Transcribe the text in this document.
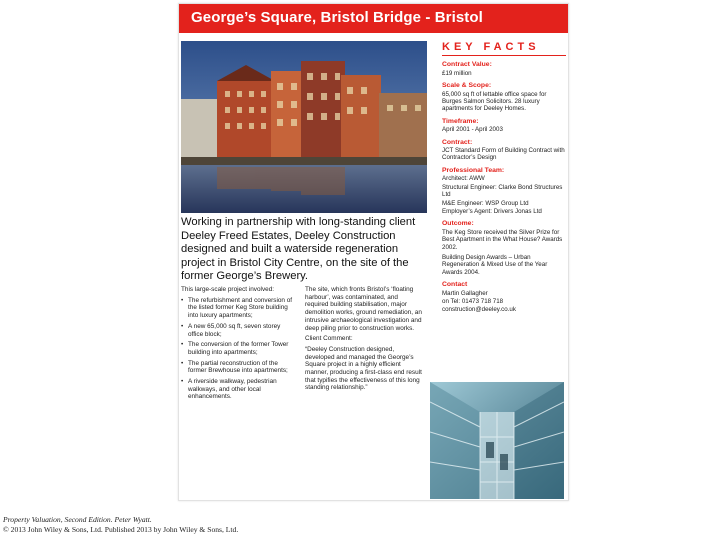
George’s Square, Bristol Bridge - Bristol
Working in partnership with long-standing client Deeley Freed Estates, Deeley Construction designed and built a waterside regeneration project in Bristol City Centre, on the site of the former George’s Brewery.

This large-scale project involved:

• The refurbishment and conversion of the listed former Keg Store building into luxury apartments;
• A new 65,000 sq ft, seven storey office block;
• The conversion of the former Tower building into apartments;
• The partial reconstruction of the former Brewhouse into apartments;
• A riverside walkway, pedestrian walkways, and other local enhancements.

The site, which fronts Bristol’s ‘floating harbour’, was contaminated, and required building stabilisation, major demolition works, ground remediation, an intrusive archaeological investigation and deep piling prior to construction works.

Client Comment:

“Deeley Construction designed, developed and managed the George’s Square project in a highly efficient manner, producing a first-class end result that typifies the effectiveness of this long standing relationship.”

KEY FACTS
Contract Value:
£19 million
Scale & Scope:
65,000 sq ft of lettable office space for Burges Salmon Solicitors. 28 luxury apartments for Deeley Homes.
Timeframe:
April 2001 - April 2003
Contract:
JCT Standard Form of Building Contract with Contractor’s Design
Professional Team:
Architect: AWW
Structural Engineer: Clarke Bond Structures Ltd
M&E Engineer: WSP Group Ltd
Employer’s Agent: Drivers Jonas Ltd
Outcome:
The Keg Store received the Silver Prize for Best Apartment in the What House? Awards 2002.
Building Design Awards – Urban Regeneration & Mixed Use of the Year Awards 2004.
Contact
Martin Gallagher
on Tel: 01473 718 718
construction@deeley.co.uk
Property Valuation, Second Edition. Peter Wyatt.
© 2013 John Wiley & Sons, Ltd. Published 2013 by John Wiley & Sons, Ltd.
